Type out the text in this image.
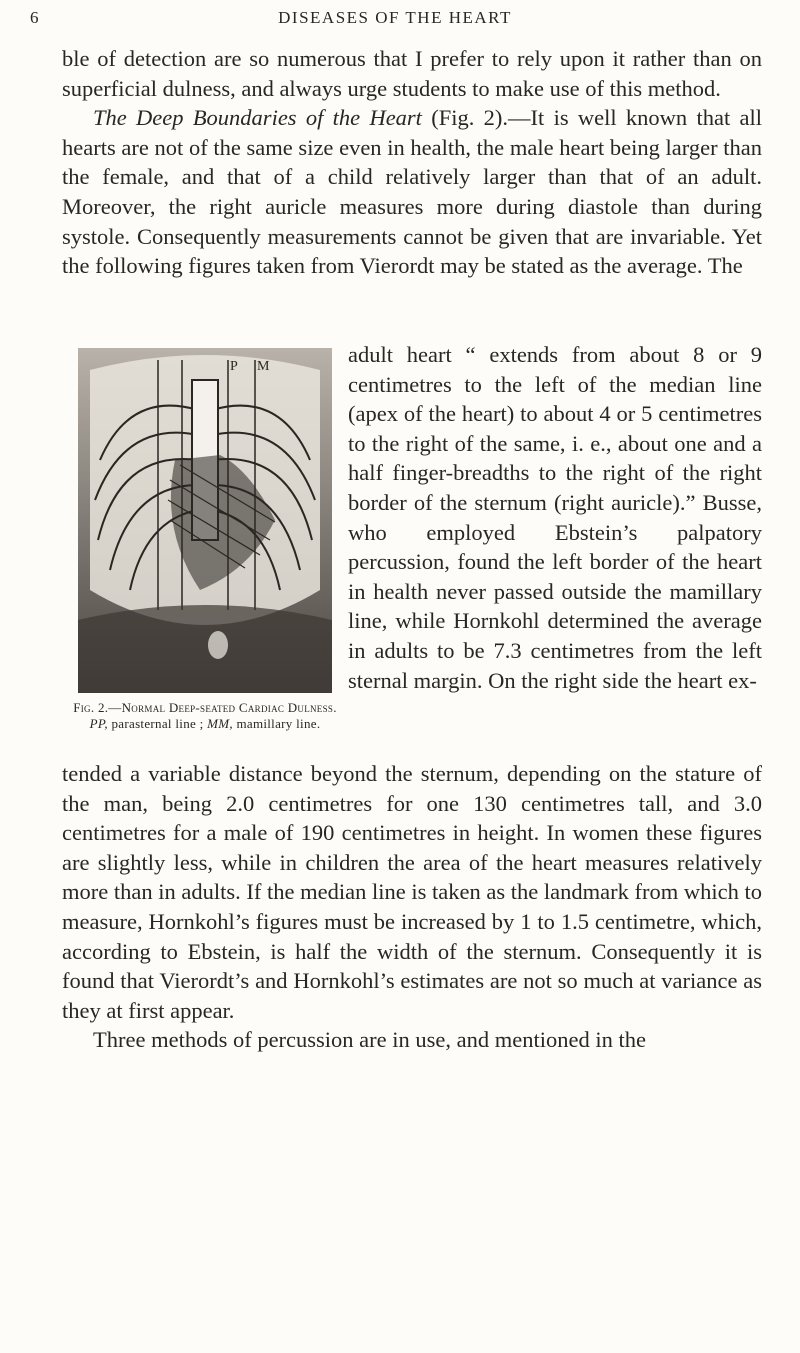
6	DISEASES OF THE HEART

ble of detection are so numerous that I prefer to rely upon it rather than on superficial dulness, and always urge students to make use of this method.

The Deep Boundaries of the Heart (Fig. 2).—It is well known that all hearts are not of the same size even in health, the male heart being larger than the female, and that of a child relatively larger than that of an adult. Moreover, the right auricle measures more during diastole than during systole. Consequently measurements cannot be given that are invariable. Yet the following figures taken from Vierordt may be stated as the average. The

P M
Fig. 2.—Normal Deep-seated Cardiac Dulness.
PP, parasternal line ; MM, mamillary line.

adult heart “ extends from about 8 or 9 centimetres to the left of the median line (apex of the heart) to about 4 or 5 centimetres to the right of the same, i. e., about one and a half finger-breadths to the right of the right border of the sternum (right auricle).” Busse, who employed Ebstein’s palpatory percussion, found the left border of the heart in health never passed outside the mamillary line, while Hornkohl determined the average in adults to be 7.3 centimetres from the left sternal margin. On the right side the heart ex-

tended a variable distance beyond the sternum, depending on the stature of the man, being 2.0 centimetres for one 130 centimetres tall, and 3.0 centimetres for a male of 190 centimetres in height. In women these figures are slightly less, while in children the area of the heart measures relatively more than in adults. If the median line is taken as the landmark from which to measure, Hornkohl’s figures must be increased by 1 to 1.5 centimetre, which, according to Ebstein, is half the width of the sternum. Consequently it is found that Vierordt’s and Hornkohl’s estimates are not so much at variance as they at first appear.

Three methods of percussion are in use, and mentioned in the
